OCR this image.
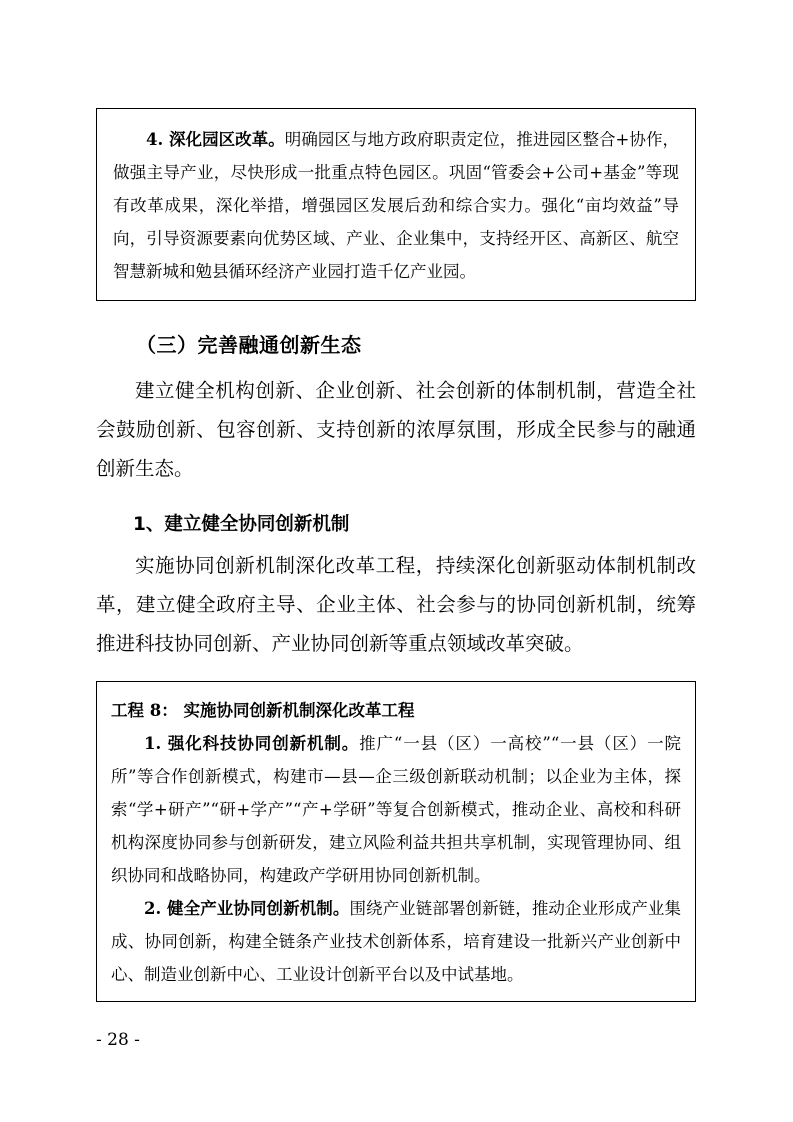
4. 深化园区改革。明确园区与地方政府职责定位，推进园区整合+协作，做强主导产业，尽快形成一批重点特色园区。巩固“管委会+公司+基金”等现有改革成果，深化举措，增强园区发展后劲和综合实力。强化“亩均效益”导向，引导资源要素向优势区域、产业、企业集中，支持经开区、高新区、航空智慧新城和勉县循环经济产业园打造千亿产业园。

（三）完善融通创新生态

建立健全机构创新、企业创新、社会创新的体制机制，营造全社会鼓励创新、包容创新、支持创新的浓厚氛围，形成全民参与的融通创新生态。

1、建立健全协同创新机制

实施协同创新机制深化改革工程，持续深化创新驱动体制机制改革，建立健全政府主导、企业主体、社会参与的协同创新机制，统筹推进科技协同创新、产业协同创新等重点领域改革突破。

工程 8： 实施协同创新机制深化改革工程

1. 强化科技协同创新机制。推广“一县（区）一高校”“一县（区）一院所”等合作创新模式，构建市—县—企三级创新联动机制；以企业为主体，探索“学+研产”“研+学产”“产+学研”等复合创新模式，推动企业、高校和科研机构深度协同参与创新研发，建立风险利益共担共享机制，实现管理协同、组织协同和战略协同，构建政产学研用协同创新机制。

2. 健全产业协同创新机制。围绕产业链部署创新链，推动企业形成产业集成、协同创新，构建全链条产业技术创新体系，培育建设一批新兴产业创新中心、制造业创新中心、工业设计创新平台以及中试基地。

- 28 -
